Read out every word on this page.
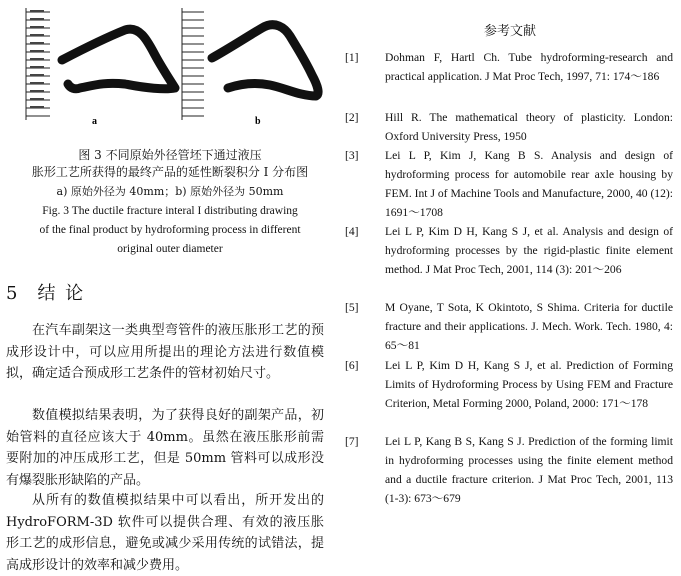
a	b
图 3 不同原始外径管坯下通过液压
胀形工艺所获得的最终产品的延性断裂积分 I 分布图
a) 原始外径为 40mm；b) 原始外径为 50mm
Fig. 3 The ductile fracture interal I distributing drawing
of the final product by hydroforming process in different
original outer diameter
5 结 论
在汽车副架这一类典型弯管件的液压胀形工艺的预成形设计中，可以应用所提出的理论方法进行数值模拟，确定适合预成形工艺条件的管材初始尺寸。
数值模拟结果表明，为了获得良好的副架产品，初始管料的直径应该大于 40mm。虽然在液压胀形前需要附加的冲压成形工艺，但是 50mm 管料可以成形没有爆裂胀形缺陷的产品。
从所有的数值模拟结果中可以看出，所开发出的 HydroFORM-3D 软件可以提供合理、有效的液压胀形工艺的成形信息，避免或减少采用传统的试错法，提高成形设计的效率和减少费用。
参考文献
[1] Dohman F, Hartl Ch. Tube hydroforming-research and practical application. J Mat Proc Tech, 1997, 71: 174～186
[2] Hill R. The mathematical theory of plasticity. London: Oxford University Press, 1950
[3] Lei L P, Kim J, Kang B S. Analysis and design of hydroforming process for automobile rear axle housing by FEM. Int J of Machine Tools and Manufacture, 2000, 40 (12): 1691～1708
[4] Lei L P, Kim D H, Kang S J, et al. Analysis and design of hydroforming processes by the rigid-plastic finite element method. J Mat Proc Tech, 2001, 114 (3): 201～206
[5] M Oyane, T Sota, K Okintoto, S Shima. Criteria for ductile fracture and their applications. J. Mech. Work. Tech. 1980, 4: 65～81
[6] Lei L P, Kim D H, Kang S J, et al. Prediction of Forming Limits of Hydroforming Process by Using FEM and Fracture Criterion, Metal Forming 2000, Poland, 2000: 171～178
[7] Lei L P, Kang B S, Kang S J. Prediction of the forming limit in hydroforming processes using the finite element method and a ductile fracture criterion. J Mat Proc Tech, 2001, 113 (1-3): 673～679
